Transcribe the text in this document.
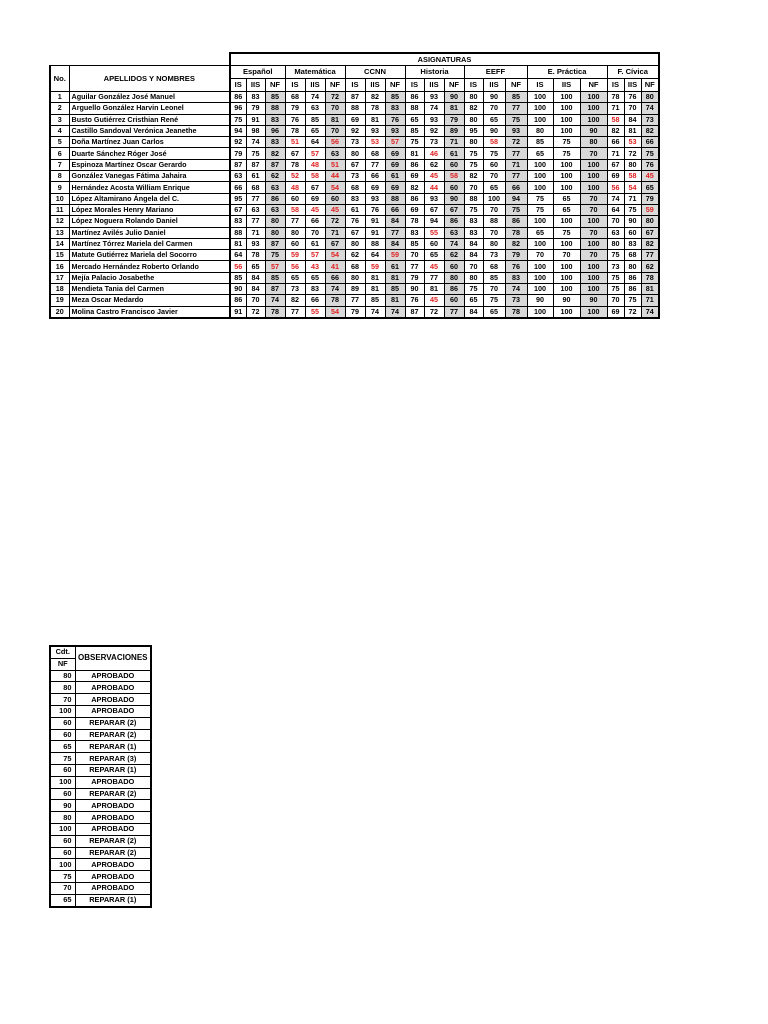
		ASIGNATURAS																				
No.	APELLIDOS Y NOMBRES	Español			Matemática			CCNN			Historia			EEFF			E. Práctica			F. Cívica		
		IS	IIS	NF	IS	IIS	NF	IS	IIS	NF	IS	IIS	NF	IS	IIS	NF	IS	IIS	NF	IS	IIS	NF
1	Aguilar González José Manuel	86	83	85	68	74	72	87	82	85	86	93	90	80	90	85	100	100	100	78	76	80
2	Arguello González Harvin Leonel	96	79	88	79	63	70	88	78	83	88	74	81	82	70	77	100	100	100	71	70	74
3	Busto Gutiérrez Cristhian René	75	91	83	76	85	81	69	81	76	65	93	79	80	65	75	100	100	100	58	84	73
4	Castillo Sandoval Verónica Jeanethe	94	98	96	78	65	70	92	93	93	85	92	89	95	90	93	80	100	90	82	81	82
5	Doña Martínez Juan Carlos	92	74	83	51	64	56	73	53	57	75	73	71	80	58	72	85	75	80	66	53	66
6	Duarte Sánchez Róger José	79	75	82	67	57	63	80	68	69	81	46	61	75	75	77	65	75	70	71	72	75
7	Espinoza Martínez Oscar Gerardo	87	87	87	78	48	51	67	77	69	86	62	60	75	60	71	100	100	100	67	80	76
8	González Vanegas Fátima Jahaira	63	61	62	52	58	44	73	66	61	69	45	58	82	70	77	100	100	100	69	58	45
9	Hernández Acosta William Enrique	66	68	63	48	67	54	68	69	69	82	44	60	70	65	66	100	100	100	56	54	65
10	López Altamirano Ángela del C.	95	77	86	60	69	60	83	93	88	86	93	90	88	100	94	75	65	70	74	71	79
11	López Morales Henry Mariano	67	63	63	58	45	45	61	76	66	69	67	67	75	70	75	75	65	70	64	75	59
12	López Noguera Rolando Daniel	83	77	80	77	66	72	76	91	84	78	94	86	83	88	86	100	100	100	70	90	80
13	Martínez Avilés Julio Daniel	88	71	80	80	70	71	67	91	77	83	55	63	83	70	78	65	75	70	63	60	67
14	Martínez Tórrez Mariela del Carmen	81	93	87	60	61	67	80	88	84	85	60	74	84	80	82	100	100	100	80	83	82
15	Matute Gutiérrez Mariela del Socorro	64	78	75	59	57	54	62	64	59	70	65	62	84	73	79	70	70	70	75	68	77
16	Mercado Hernández Roberto Orlando	56	65	57	56	43	41	68	59	61	77	45	60	70	68	76	100	100	100	73	80	62
17	Mejía Palacio Josabethe	85	84	85	65	65	66	80	81	81	79	77	80	80	85	83	100	100	100	75	86	78
18	Mendieta Tania del Carmen	90	84	87	73	83	74	89	81	85	90	81	86	75	70	74	100	100	100	75	86	81
19	Meza Oscar Medardo	86	70	74	82	66	78	77	85	81	76	45	60	65	75	73	90	90	90	70	75	71
20	Molina Castro Francisco Javier	91	72	78	77	55	54	79	74	74	87	72	77	84	65	78	100	100	100	69	72	74
Cdt.	OBSERVACIONES
NF	
80	APROBADO
80	APROBADO
70	APROBADO
100	APROBADO
60	REPARAR (2)
60	REPARAR (2)
65	REPARAR (1)
75	REPARAR (3)
60	REPARAR (1)
100	APROBADO
60	REPARAR (2)
90	APROBADO
80	APROBADO
100	APROBADO
60	REPARAR (2)
60	REPARAR (2)
100	APROBADO
75	APROBADO
70	APROBADO
65	REPARAR (1)
